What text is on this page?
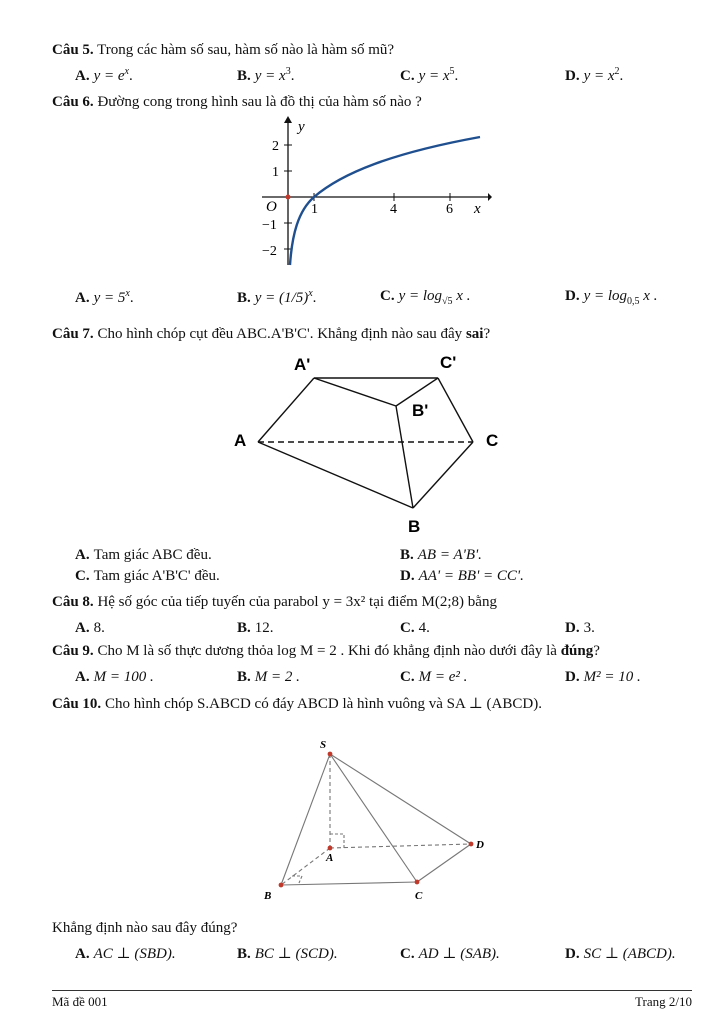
Câu 5. Trong các hàm số sau, hàm số nào là hàm số mũ?
A. $y = e^x$.	B. $y = x^3$.	C. $y = x^5$.	D. $y = x^2$.
Câu 6. Đường cong trong hình sau là đồ thị của hàm số nào ?
y
x
O
2
1
−1
−2
1	4	6
A. $y = 5^x$.	B. $y = (1/5)^x$.	C. $y = \log_{√5} x$ .	D. $y = \log_{0,5} x$ .
Câu 7. Cho hình chóp cụt đều ABC.A'B'C'. Khẳng định nào sau đây sai?
A'	C'
B'
A	C
B
A. Tam giác ABC đều.	B. AB = A'B'.
C. Tam giác A'B'C' đều.	D. AA' = BB' = CC'.
Câu 8. Hệ số góc của tiếp tuyến của parabol y = 3x² tại điểm M(2;8) bằng
A. 8.	B. 12.	C. 4.	D. 3.
Câu 9. Cho M là số thực dương thỏa log M = 2 . Khi đó khẳng định nào dưới đây là đúng?
A. M = 100 .	B. M = 2 .	C. M = e² .	D. M² = 10 .
Câu 10. Cho hình chóp S.ABCD có đáy ABCD là hình vuông và SA ⊥ (ABCD).
S
A
B	C
D
Khẳng định nào sau đây đúng?
A. AC ⊥ (SBD).	B. BC ⊥ (SCD).	C. AD ⊥ (SAB).	D. SC ⊥ (ABCD).
Mã đề 001	Trang 2/10
